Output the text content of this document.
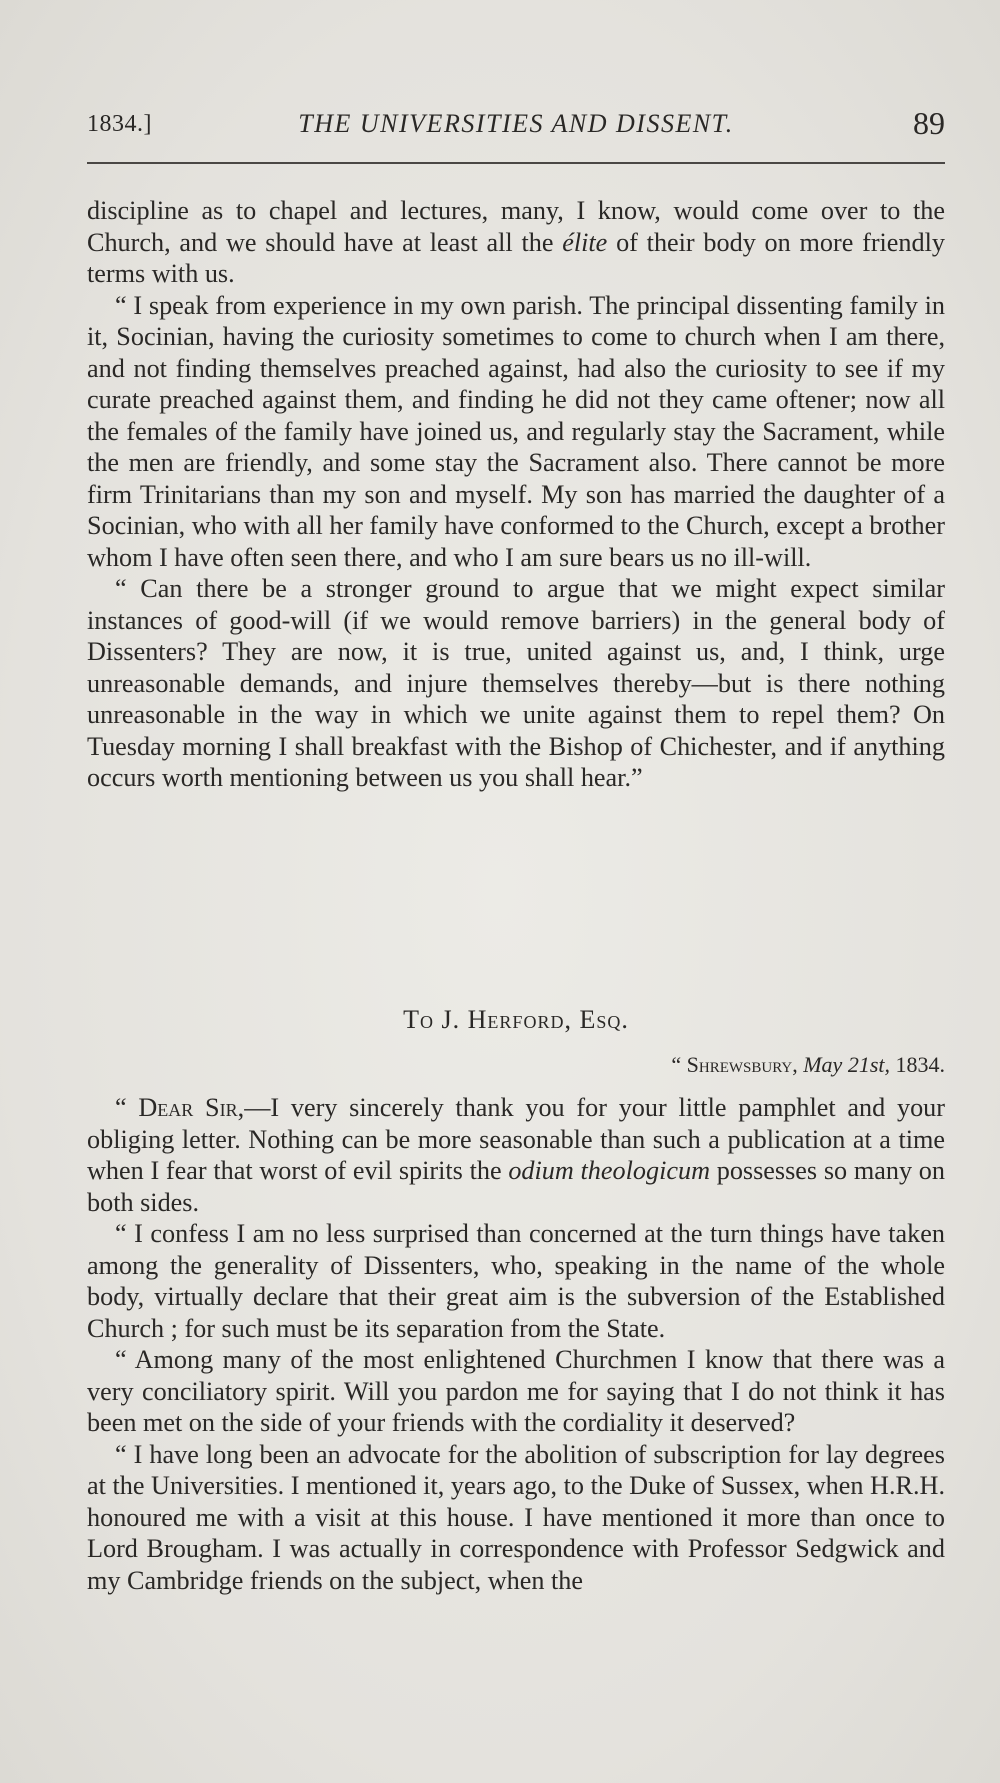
1834.]	THE UNIVERSITIES AND DISSENT.	89

discipline as to chapel and lectures, many, I know, would come over to the Church, and we should have at least all the élite of their body on more friendly terms with us.

“ I speak from experience in my own parish. The principal dissenting family in it, Socinian, having the curiosity sometimes to come to church when I am there, and not finding themselves preached against, had also the curiosity to see if my curate preached against them, and finding he did not they came oftener; now all the females of the family have joined us, and regularly stay the Sacrament, while the men are friendly, and some stay the Sacrament also. There cannot be more firm Trinitarians than my son and myself. My son has married the daughter of a Socinian, who with all her family have conformed to the Church, except a brother whom I have often seen there, and who I am sure bears us no ill-will.

“ Can there be a stronger ground to argue that we might expect similar instances of good-will (if we would remove barriers) in the general body of Dissenters? They are now, it is true, united against us, and, I think, urge unreasonable demands, and injure themselves thereby—but is there nothing unreasonable in the way in which we unite against them to repel them? On Tuesday morning I shall breakfast with the Bishop of Chichester, and if anything occurs worth mentioning between us you shall hear.”

To J. Herford, Esq.
“ Shrewsbury, May 21st, 1834.

“ Dear Sir,—I very sincerely thank you for your little pamphlet and your obliging letter. Nothing can be more seasonable than such a publication at a time when I fear that worst of evil spirits the odium theologicum possesses so many on both sides.

“ I confess I am no less surprised than concerned at the turn things have taken among the generality of Dissenters, who, speaking in the name of the whole body, virtually declare that their great aim is the subversion of the Established Church ; for such must be its separation from the State.

“ Among many of the most enlightened Churchmen I know that there was a very conciliatory spirit. Will you pardon me for saying that I do not think it has been met on the side of your friends with the cordiality it deserved?

“ I have long been an advocate for the abolition of subscription for lay degrees at the Universities. I mentioned it, years ago, to the Duke of Sussex, when H.R.H. honoured me with a visit at this house. I have mentioned it more than once to Lord Brougham. I was actually in correspondence with Professor Sedgwick and my Cambridge friends on the subject, when the
